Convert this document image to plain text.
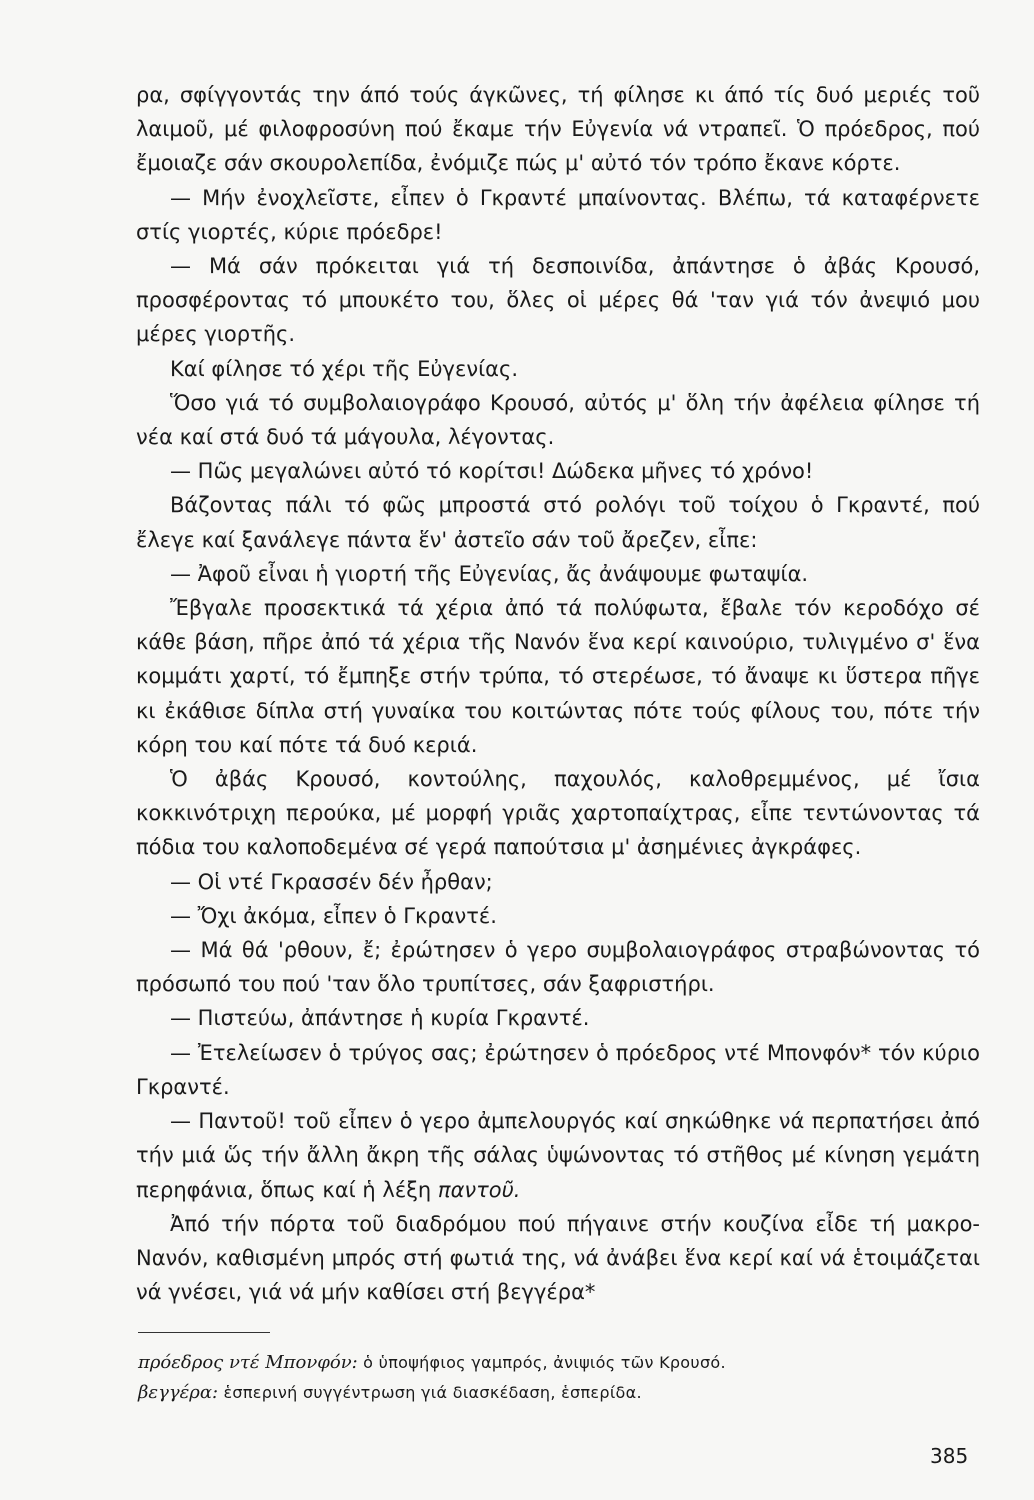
ρα, σφίγγοντάς την άπό τούς άγκῶνες, τή φίλησε κι άπό τίς δυό μεριές τοῦ λαιμοῦ, μέ φιλοφροσύνη πού ἔκαμε τήν Εὐγενία νά ντραπεῖ. Ὁ πρόεδρος, πού ἔμοιαζε σάν σκουρολεπίδα, ἐνόμιζε πώς μ' αὐτό τόν τρόπο ἔκανε κόρτε.

— Μήν ἐνοχλεῖστε, εἶπεν ὁ Γκραντέ μπαίνοντας. Βλέπω, τά καταφέρνετε στίς γιορτές, κύριε πρόεδρε!

— Μά σάν πρόκειται γιά τή δεσποινίδα, ἀπάντησε ὁ ἀβάς Κρουσό, προσφέροντας τό μπουκέτο του, ὅλες οἱ μέρες θά 'ταν γιά τόν ἀνεψιό μου μέρες γιορτῆς.

Καί φίλησε τό χέρι τῆς Εὐγενίας.

Ὅσο γιά τό συμβολαιογράφο Κρουσό, αὐτός μ' ὅλη τήν ἀφέλεια φίλησε τή νέα καί στά δυό τά μάγουλα, λέγοντας.

— Πῶς μεγαλώνει αὐτό τό κορίτσι! Δώδεκα μῆνες τό χρόνο!

Βάζοντας πάλι τό φῶς μπροστά στό ρολόγι τοῦ τοίχου ὁ Γκραντέ, πού ἔλεγε καί ξανάλεγε πάντα ἕν' ἀστεῖο σάν τοῦ ἄρεζεν, εἶπε:

— Ἀφοῦ εἶναι ἡ γιορτή τῆς Εὐγενίας, ἄς ἀνάψουμε φωταψία.

Ἔβγαλε προσεκτικά τά χέρια ἀπό τά πολύφωτα, ἔβαλε τόν κεροδόχο σέ κάθε βάση, πῆρε ἀπό τά χέρια τῆς Νανόν ἕνα κερί καινούριο, τυλιγμένο σ' ἕνα κομμάτι χαρτί, τό ἔμπηξε στήν τρύπα, τό στερέωσε, τό ἄναψε κι ὕστερα πῆγε κι ἐκάθισε δίπλα στή γυναίκα του κοιτώντας πότε τούς φίλους του, πότε τήν κόρη του καί πότε τά δυό κεριά.

Ὁ ἀβάς Κρουσό, κοντούλης, παχουλός, καλοθρεμμένος, μέ ἴσια κοκκινότριχη περούκα, μέ μορφή γριᾶς χαρτοπαίχτρας, εἶπε τεντώνοντας τά πόδια του καλοποδεμένα σέ γερά παπούτσια μ' ἀσημένιες ἀγκράφες.

— Οἱ ντέ Γκρασσέν δέν ἦρθαν;

— Ὄχι ἀκόμα, εἶπεν ὁ Γκραντέ.

— Μά θά 'ρθουν, ἔ; ἐρώτησεν ὁ γερο συμβολαιογράφος στραβώνοντας τό πρόσωπό του πού 'ταν ὅλο τρυπίτσες, σάν ξαφριστήρι.

— Πιστεύω, ἀπάντησε ἡ κυρία Γκραντέ.

— Ἐτελείωσεν ὁ τρύγος σας; ἐρώτησεν ὁ πρόεδρος ντέ Μπονφόν* τόν κύριο Γκραντέ.

— Παντοῦ! τοῦ εἶπεν ὁ γερο ἀμπελουργός καί σηκώθηκε νά περπατήσει ἀπό τήν μιά ὥς τήν ἄλλη ἄκρη τῆς σάλας ὑψώνοντας τό στῆθος μέ κίνηση γεμάτη περηφάνια, ὅπως καί ἡ λέξη παντοῦ.

Ἀπό τήν πόρτα τοῦ διαδρόμου πού πήγαινε στήν κουζίνα εἶδε τή μακρο-Νανόν, καθισμένη μπρός στή φωτιά της, νά ἀνάβει ἕνα κερί καί νά ἑτοιμάζεται νά γνέσει, γιά νά μήν καθίσει στή βεγγέρα*

πρόεδρος ντέ Μπονφόν: ὁ ὑποψήφιος γαμπρός, ἀνιψιός τῶν Κρουσό.

βεγγέρα: ἑσπερινή συγγέντρωση γιά διασκέδαση, ἑσπερίδα.

385
